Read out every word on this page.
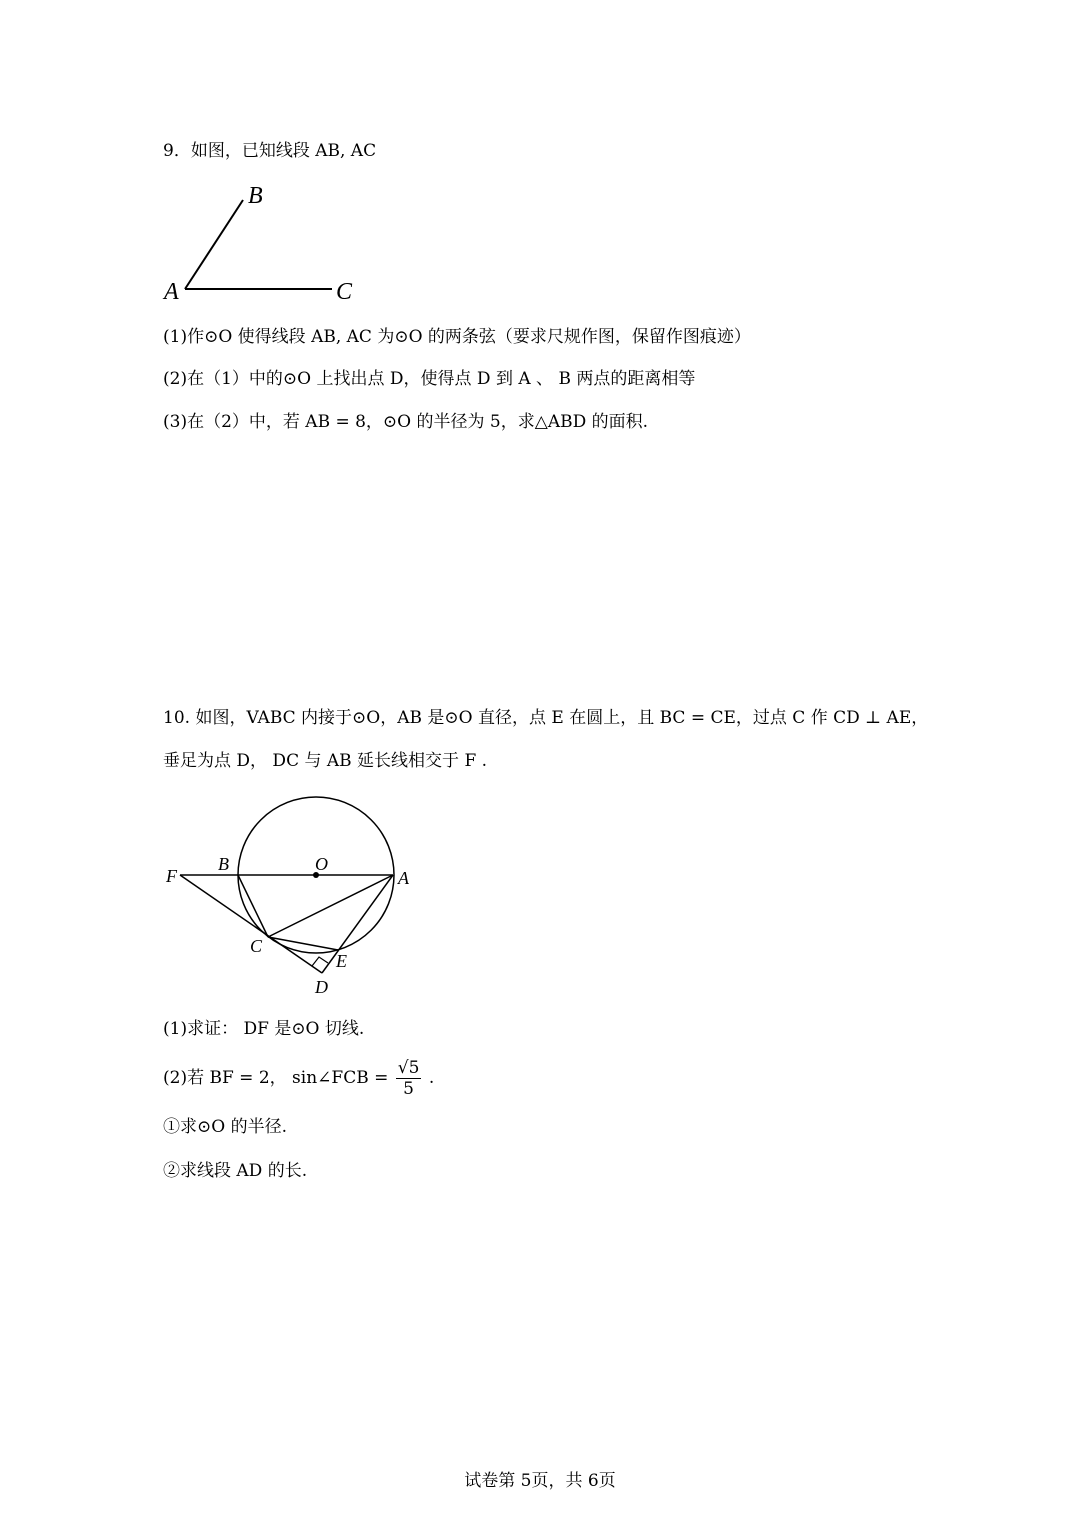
9．如图，已知线段 AB, AC
B
A	C
(1)作⊙O 使得线段 AB, AC 为⊙O 的两条弦（要求尺规作图，保留作图痕迹）
(2)在（1）中的⊙O 上找出点 D，使得点 D 到 A 、 B 两点的距离相等
(3)在（2）中，若 AB = 8，⊙O 的半径为 5，求△ABD 的面积.
10. 如图，VABC 内接于⊙O，AB 是⊙O 直径，点 E 在圆上，且 BC = CE，过点 C 作 CD ⊥ AE，
垂足为点 D， DC 与 AB 延长线相交于 F .
F
B	O
A
C
E
D
(1)求证： DF 是⊙O 切线.
(2)若 BF = 2， sin∠FCB = $\frac{√5}{5}$ .
①求⊙O 的半径.
②求线段 AD 的长.
试卷第 5页，共 6页
